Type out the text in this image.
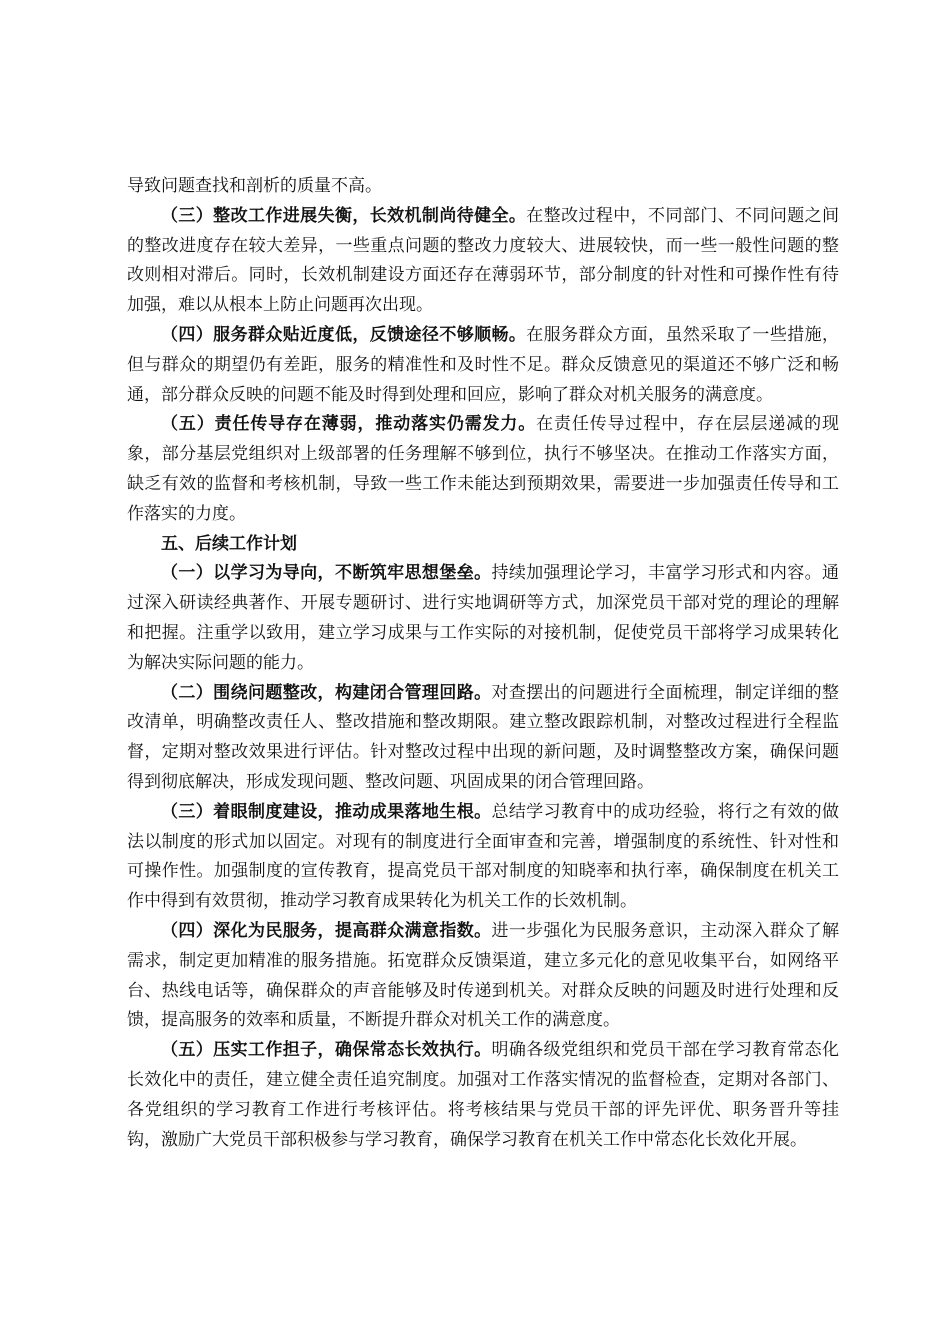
导致问题查找和剖析的质量不高。

（三）整改工作进展失衡，长效机制尚待健全。在整改过程中，不同部门、不同问题之间的整改进度存在较大差异，一些重点问题的整改力度较大、进展较快，而一些一般性问题的整改则相对滞后。同时，长效机制建设方面还存在薄弱环节，部分制度的针对性和可操作性有待加强，难以从根本上防止问题再次出现。

（四）服务群众贴近度低，反馈途径不够顺畅。在服务群众方面，虽然采取了一些措施，但与群众的期望仍有差距，服务的精准性和及时性不足。群众反馈意见的渠道还不够广泛和畅通，部分群众反映的问题不能及时得到处理和回应，影响了群众对机关服务的满意度。

（五）责任传导存在薄弱，推动落实仍需发力。在责任传导过程中，存在层层递减的现象，部分基层党组织对上级部署的任务理解不够到位，执行不够坚决。在推动工作落实方面，缺乏有效的监督和考核机制，导致一些工作未能达到预期效果，需要进一步加强责任传导和工作落实的力度。

五、后续工作计划

（一）以学习为导向，不断筑牢思想堡垒。持续加强理论学习，丰富学习形式和内容。通过深入研读经典著作、开展专题研讨、进行实地调研等方式，加深党员干部对党的理论的理解和把握。注重学以致用，建立学习成果与工作实际的对接机制，促使党员干部将学习成果转化为解决实际问题的能力。

（二）围绕问题整改，构建闭合管理回路。对查摆出的问题进行全面梳理，制定详细的整改清单，明确整改责任人、整改措施和整改期限。建立整改跟踪机制，对整改过程进行全程监督，定期对整改效果进行评估。针对整改过程中出现的新问题，及时调整整改方案，确保问题得到彻底解决，形成发现问题、整改问题、巩固成果的闭合管理回路。

（三）着眼制度建设，推动成果落地生根。总结学习教育中的成功经验，将行之有效的做法以制度的形式加以固定。对现有的制度进行全面审查和完善，增强制度的系统性、针对性和可操作性。加强制度的宣传教育，提高党员干部对制度的知晓率和执行率，确保制度在机关工作中得到有效贯彻，推动学习教育成果转化为机关工作的长效机制。

（四）深化为民服务，提高群众满意指数。进一步强化为民服务意识，主动深入群众了解需求，制定更加精准的服务措施。拓宽群众反馈渠道，建立多元化的意见收集平台，如网络平台、热线电话等，确保群众的声音能够及时传递到机关。对群众反映的问题及时进行处理和反馈，提高服务的效率和质量，不断提升群众对机关工作的满意度。

（五）压实工作担子，确保常态长效执行。明确各级党组织和党员干部在学习教育常态化长效化中的责任，建立健全责任追究制度。加强对工作落实情况的监督检查，定期对各部门、各党组织的学习教育工作进行考核评估。将考核结果与党员干部的评先评优、职务晋升等挂钩，激励广大党员干部积极参与学习教育，确保学习教育在机关工作中常态化长效化开展。
